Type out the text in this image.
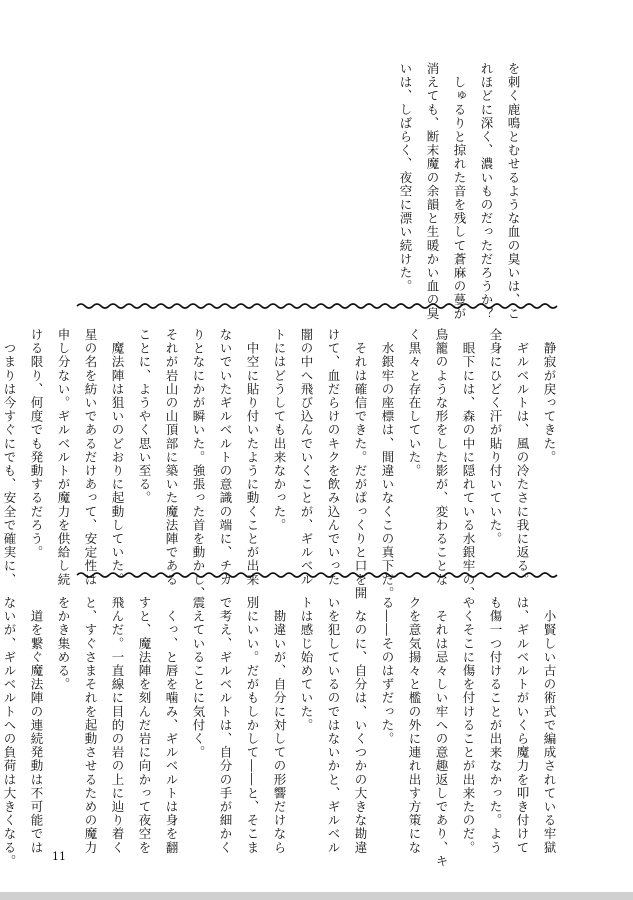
を刺く鹿鳴とむせるような血の臭いは、こ

れほどに深く、濃いものだっただろうか？

　しゅるりと掠れた音を残して蒼麻の蔓が

消えても、断末魔の余韻と生暖かい血の臭

いは、しばらく、夜空に漂い続けた。

　静寂が戻ってきた。

　ギルベルトは、風の冷たさに我に返る。

全身にひどく汗が貼り付いていた。

　眼下には、森の中に隠れている水銀牢の、

鳥籠のような形をした影が、変わることな

く黒々と存在していた。

　水銀牢の座標は、間違いなくこの真下だ。

　それは確信できた。だがぱっくりと口を開

けて、血だらけのキクを飲み込んでいった

闇の中へ飛び込んでいくことが、ギルベル

トにはどうしても出来なかった。

　中空に貼り付いたように動くことが出来

ないでいたギルベルトの意識の端に、チカ

りとなにかが瞬いた。強張った首を動かし、

それが岩山の山頂部に築いた魔法陣である

ことに、ようやく思い至る。

　魔法陣は狙いのどおりに起動していた。

星の名を紡いであるだけあって、安定性は

申し分ない。ギルベルトが魔力を供給し続

ける限り、何度でも発動するだろう。

　つまりは今すぐにでも、安全で確実に、

　小賢しい古の術式で編成されている牢獄

は、ギルベルトがいくら魔力を叩き付けて

も傷一つ付けることが出来なかった。よう

やくそこに傷を付けることが出来たのだ。

　それは忌々しい牢への意趣返しであり、キ

クを意気揚々と檻の外に連れ出す方策にな

る――そのはずだった。

　なのに、自分は、いくつかの大きな勘違

いを犯しているのではないかと、ギルベル

トは感じ始めていた。

　勘違いが、自分に対しての形響だけなら

別にいい。だがもしかして――と、そこま

で考え、ギルベルトは、自分の手が細かく

震えていることに気付く。

　くっ、と唇を噛み、ギルベルトは身を翻

すと、魔法陣を刻んだ岩に向かって夜空を

飛んだ。一直線に目的の岩の上に辿り着く

と、すぐさまそれを起動させるための魔力

をかき集める。

　道を繋ぐ魔法陣の連続発動は不可能では

ないが、ギルベルトへの負荷は大きくなる。	11
